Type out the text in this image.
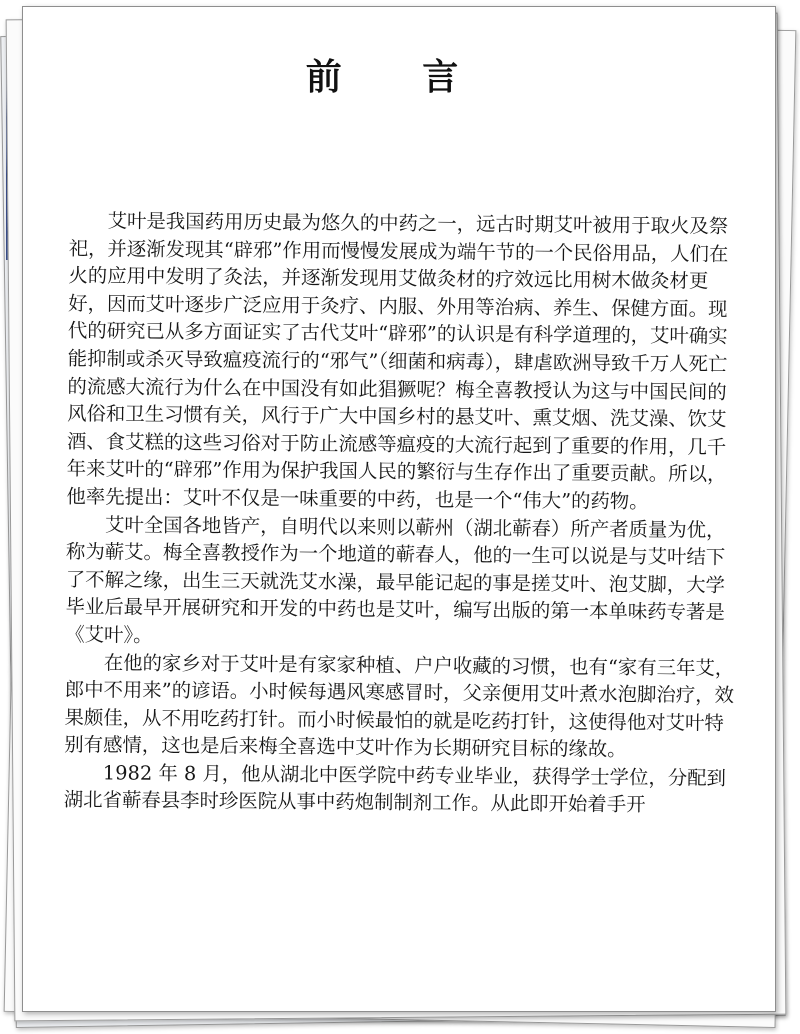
前 言

艾叶是我国药用历史最为悠久的中药之一，远古时期艾叶被用于取火及祭祀，并逐渐发现其“辟邪”作用而慢慢发展成为端午节的一个民俗用品，人们在火的应用中发明了灸法，并逐渐发现用艾做灸材的疗效远比用树木做灸材更好，因而艾叶逐步广泛应用于灸疗、内服、外用等治病、养生、保健方面。现代的研究已从多方面证实了古代艾叶“辟邪”的认识是有科学道理的，艾叶确实能抑制或杀灭导致瘟疫流行的“邪气”（细菌和病毒），肆虐欧洲导致千万人死亡的流感大流行为什么在中国没有如此猖獗呢？梅全喜教授认为这与中国民间的风俗和卫生习惯有关，风行于广大中国乡村的悬艾叶、熏艾烟、洗艾澡、饮艾酒、食艾糕的这些习俗对于防止流感等瘟疫的大流行起到了重要的作用，几千年来艾叶的“辟邪”作用为保护我国人民的繁衍与生存作出了重要贡献。所以，他率先提出：艾叶不仅是一味重要的中药，也是一个“伟大”的药物。

艾叶全国各地皆产，自明代以来则以蕲州（湖北蕲春）所产者质量为优，称为蕲艾。梅全喜教授作为一个地道的蕲春人，他的一生可以说是与艾叶结下了不解之缘，出生三天就洗艾水澡，最早能记起的事是搓艾叶、泡艾脚，大学毕业后最早开展研究和开发的中药也是艾叶，编写出版的第一本单味药专著是《艾叶》。

在他的家乡对于艾叶是有家家种植、户户收藏的习惯，也有“家有三年艾，郎中不用来”的谚语。小时候每遇风寒感冒时，父亲便用艾叶煮水泡脚治疗，效果颇佳，从不用吃药打针。而小时候最怕的就是吃药打针，这使得他对艾叶特别有感情，这也是后来梅全喜选中艾叶作为长期研究目标的缘故。

1982 年 8 月，他从湖北中医学院中药专业毕业，获得学士学位，分配到湖北省蕲春县李时珍医院从事中药炮制制剂工作。从此即开始着手开
